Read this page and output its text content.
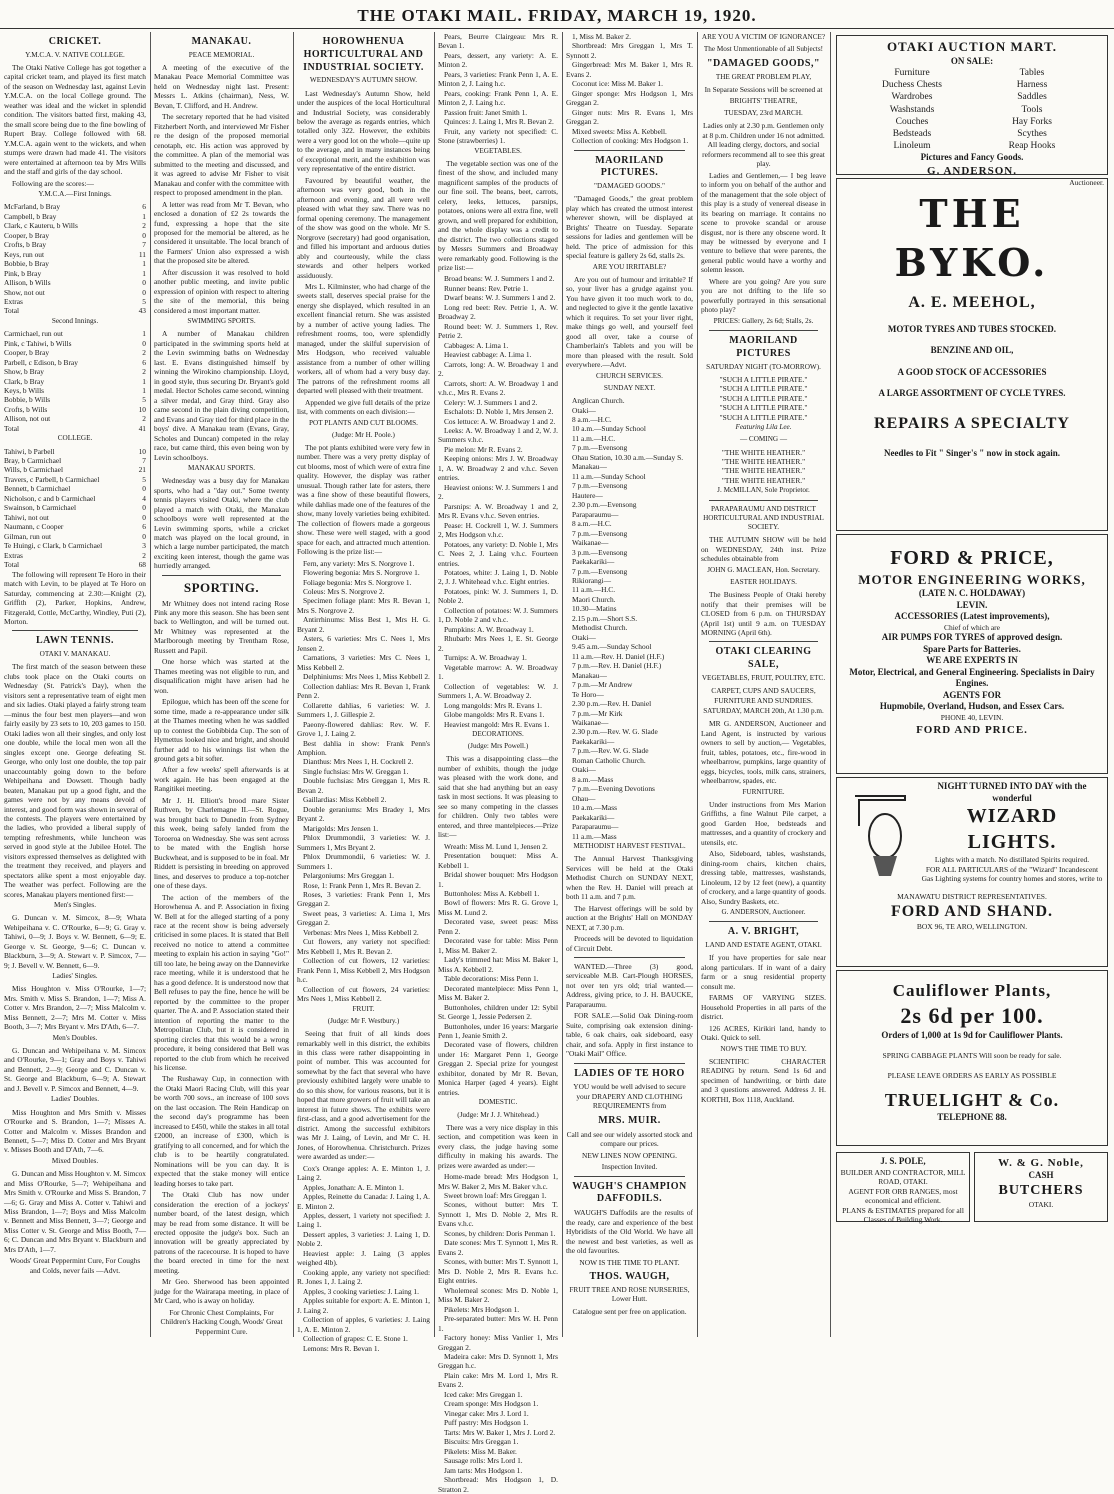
THE OTAKI MAIL. FRIDAY, MARCH 19, 1920.
CRICKET.
Y.M.C.A. V. NATIVE COLLEGE.

The Otaki Native College has got together a capital cricket team, and played its first match of the season on Wednesday last, against Levin Y.M.C.A. on the local College ground. The weather was ideal and the wicket in splendid condition. The visitors batted first, making 43, the small score being due to the fine bowling of Rupert Bray. College followed with 68. Y.M.C.A. again went to the wickets, and when stumps were drawn had made 41. The visitors were entertained at afternoon tea by Mrs Wills and the staff and girls of the day school.

Following are the scores:—

Y.M.C.A.—First Innings.
McFarland, b Bray	6
Campbell, b Bray	1
Clark, c Kauteru, b Wills	2
Cooper, b Bray	0
Crofts, b Bray	7
Keys, run out	11
Bobbie, b Bray	1
Pink, b Bray	1
Allison, b Wills	0
Show, not out	0
Extras	5
Total	43
Second Innings.
Carmichael, run out	1
Pink, c Tahiwi, b Wills	0
Cooper, b Bray	2
Parbell, c Edison, b Bray	6
Show, b Bray	2
Clark, b Bray	1
Keys, b Wills	1
Bobbie, b Wills	5
Crofts, b Wills	10
Allison, not out	2
Total	41
COLLEGE.
Tahiwi, b Parbell	10
Bray, b Carmichael	7
Wills, b Carmichael	21
Travers, c Parbell, b Carmichael	5
Bennett, b Carmichael	0
Nicholson, c and b Carmichael	4
Swainson, b Carmichael	0
Tahiwi, not out	0
Naumann, c Cooper	6
Gilman, run out	0
Te Huingi, c Clark, b Carmichael	3
Extras	2
Total	68

The following will represent Te Horo in their match with Levin, to be played at Te Horo on Saturday, commencing at 2.30:—Knight (2), Griffith (2), Parker, Hopkins, Andrew, Fitzgerald, Cottle, McCarthy, Windley, Puti (2), Morton.

LAWN TENNIS.
OTAKI V. MANAKAU.

The first match of the season between these clubs took place on the Otaki courts on Wednesday (St. Patrick's Day), when the visitors sent a representative team of eight men and six ladies. Otaki played a fairly strong team—minus the four best men players—and won fairly easily by 23 sets to 10, 203 games to 150. Otaki ladies won all their singles, and only lost one double, while the local men won all the singles except one. George defeating St. George, who only lost one double, the top pair unaccountably going down to the before Wehipeihana and Dowsett. Though badly beaten, Manakau put up a good fight, and the games were not by any means devoid of interest, and good form was shown in several of the contests. The players were entertained by the ladies, who provided a liberal supply of tempting refreshments, while luncheon was served in good style at the Jubilee Hotel. The visitors expressed themselves as delighted with the treatment they received, and players and spectators alike spent a most enjoyable day. The weather was perfect. Following are the scores, Manakau players mentioned first:—

Men's Singles.

G. Duncan v. M. Simcox, 8—9; Whata Wehipeihana v. C. O'Rourke, 6—9; G. Gray v. Tahiwi, 0—9; J. Boys v. W. Bennett, 6—9; E. George v. St. George, 9—6; C. Duncan v. Blackburn, 3—9; A. Stewart v. P. Simcox, 7—9; J. Bevell v. W. Bennett, 6—9.

Ladies' Singles.

Miss Houghton v. Miss O'Rourke, 1—7; Mrs. Smith v. Miss S. Brandon, 1—7; Miss A. Cotter v. Mrs Brandon, 2—7; Miss Malcolm v. Miss Bennett, 2—7; Mrs M. Cotter v. Miss Booth, 3—7; Mrs Bryant v. Mrs D'Ath, 6—7.

Men's Doubles.

G. Duncan and Wehipeihana v. M. Simcox and O'Rourke, 9—1; Gray and Boys v. Tahiwi and Bennett, 2—9; George and C. Duncan v. St. George and Blackburn, 6—9; A. Stewart and J. Bevell v. P. Simcox and Bennett, 4—9.

Ladies' Doubles.

Miss Houghton and Mrs Smith v. Misses O'Rourke and S. Brandon, 1—7; Misses A. Cotter and Malcolm v. Misses Brandon and Bennett, 5—7; Miss D. Cotter and Mrs Bryant v. Misses Booth and D'Ath, 7—6.

Mixed Doubles.

G. Duncan and Miss Houghton v. M. Simcox and Miss O'Rourke, 5—7; Wehipeihana and Mrs Smith v. O'Rourke and Miss S. Brandon, 7—6; G. Gray and Miss A. Cotter v. Tahiwi and Miss Brandon, 1—7; Boys and Miss Malcolm v. Bennett and Miss Bennett, 3—7; George and Miss Cotter v. St. George and Miss Booth, 7—6; C. Duncan and Mrs Bryant v. Blackburn and Mrs D'Ath, 1—7.

Woods' Great Peppermint Cure, For Coughs and Colds, never fails —Advt.

MANAKAU.
PEACE MEMORIAL.

A meeting of the executive of the Manakau Peace Memorial Committee was held on Wednesday night last. Present: Messrs L. Atkins (chairman), Ness, W. Bevan, T. Clifford, and H. Andrew.

The secretary reported that he had visited Fitzherbert North, and interviewed Mr Fisher re the design of the proposed memorial cenotaph, etc. His action was approved by the committee. A plan of the memorial was submitted to the meeting and discussed, and it was agreed to advise Mr Fisher to visit Manakau and confer with the committee with respect to proposed amendment in the plan.

A letter was read from Mr T. Bevan, who enclosed a donation of £2 2s towards the fund, expressing a hope that the site proposed for the memorial be altered, as he considered it unsuitable. The local branch of the Farmers' Union also expressed a wish that the proposed site be altered.

After discussion it was resolved to hold another public meeting, and invite public expression of opinion with respect to altering the site of the memorial, this being considered a most important matter.

SWIMMING SPORTS.

A number of Manakau children participated in the swimming sports held at the Levin swimming baths on Wednesday last. E. Evans distinguished himself by winning the Wirokino championship. Lloyd, in good style, thus securing Dr. Bryant's gold medal. Hector Scholes came second, winning a silver medal, and Gray third. Gray also came second in the plain diving competition, and Evans and Gray tied for third place in the boys' dive. A Manakau team (Evans, Gray, Scholes and Duncan) competed in the relay race, but came third, this even being won by Levin schoolboys.

MANAKAU SPORTS.

Wednesday was a busy day for Manakau sports, who had a "day out." Some twenty tennis players visited Otaki, where the club played a match with Otaki, the Manakau schoolboys were well represented at the Levin swimming sports, while a cricket match was played on the local ground, in which a large number participated, the match exciting keen interest, though the game was hurriedly arranged.

SPORTING.

Mr Whitney does not intend racing Rose Pink any more this season. She has been sent back to Wellington, and will be turned out. Mr Whitney was represented at the Marlborough meeting by Trentham Rose, Russett and Papil.

One horse which was started at the Thames meeting was not eligible to run, and disqualification might have arisen had he won.

Epilogue, which has been off the scene for some time, made a re-appearance under silk at the Thames meeting when he was saddled up to contest the Gobibbida Cup. The son of Hymettus looked nice and bright, and should further add to his winnings list when the ground gets a bit softer.

After a few weeks' spell afterwards is at work again. He has been engaged at the Rangitikei meeting.

Mr J. H. Elliott's brood mare Sister Ruthven, by Charlemagne II.—St. Rogue, was brought back to Dunedin from Sydney this week, being safely landed from the Toroeroa on Wednesday. She was sent across to be mated with the English horse Buckwheat, and is supposed to be in foal. Mr Riddett is persisting in breeding on approved lines, and deserves to produce a top-notcher one of these days.

The action of the members of the Horowhenua A. and P. Association in fixing W. Bell at for the alleged starting of a pony race at the recent show is being adversely criticised in some places. It is stated that Bell received no notice to attend a committee meeting to explain his action in saying "Go!" till too late, he being away on the Dannevirke race meeting, while it is understood that he has a good defence. It is understood now that Bell refuses to pay the fine, hence he will be reported by the committee to the proper quarter. The A. and P. Association stated their intention of reporting the matter to the Metropolitan Club, but it is considered in sporting circles that this would be a wrong procedure, it being considered that Bell was reported to the club from which he received his license.

The Rushaway Cup, in connection with the Otaki Maori Racing Club, will this year be worth 700 sovs., an increase of 100 sovs on the last occasion. The Rein Handicap on the second day's programme has been increased to £450, while the stakes in all total £2000, an increase of £300, which is gratifying to all concerned, and for which the club is to be heartily congratulated. Nominations will be you can day. It is expected that the stake money will entice leading horses to take part.

The Otaki Club has now under consideration the erection of a jockeys' number board, of the latest design, which may be read from some distance. It will be erected opposite the judge's box. Such an innovation will be greatly appreciated by patrons of the racecourse. It is hoped to have the board erected in time for the next meeting.

Mr Geo. Sherwood has been appointed judge for the Wairarapa meeting, in place of Mr Card, who is away on holiday.

For Chronic Chest Complaints, For Children's Hacking Cough, Woods' Great Peppermint Cure.

HOROWHENUA HORTICULTURAL AND INDUSTRIAL SOCIETY.
WEDNESDAY'S AUTUMN SHOW.

Last Wednesday's Autumn Show, held under the auspices of the local Horticultural and Industrial Society, was considerably below the average as regards entries, which totalled only 322. However, the exhibits were a very good lot on the whole—quite up to the average, and in many instances being of exceptional merit, and the exhibition was very representative of the entire district.

Favoured by beautiful weather, the afternoon was very good, both in the afternoon and evening, and all were well pleased with what they saw. There was no formal opening ceremony. The management of the show was good on the whole. Mr S. Norgrove (secretary) had good organisation, and filled his important and arduous duties ably and courteously, while the class stewards and other helpers worked assiduously.

Mrs L. Kilminster, who had charge of the sweets stall, deserves special praise for the energy she displayed, which resulted in an excellent financial return. She was assisted by a number of active young ladies. The refreshment rooms, too, were splendidly managed, under the skilful supervision of Mrs Hodgson, who received valuable assistance from a number of other willing workers, all of whom had a very busy day. The patrons of the refreshment rooms all departed well pleased with their treatment.

Appended we give full details of the prize list, with comments on each division:—

POT PLANTS AND CUT BLOOMS.
(Judge: Mr H. Poole.)

The pot plants exhibited were very few in number. There was a very pretty display of cut blooms, most of which were of extra fine quality. However, the display was rather unusual. Though rather late for asters, there was a fine show of these beautiful flowers, while dahlias made one of the features of the show, many lovely varieties being exhibited. The collection of flowers made a gorgeous show. These were well staged, with a good space for each, and attracted much attention. Following is the prize list:—

Fern, any variety: Mrs S. Norgrove 1.
Flowering begonia: Mrs S. Norgrove 1.
Foliage begonia: Mrs S. Norgrove 1.
Coleus: Mrs S. Norgrove 2.
Specimen foliage plant: Mrs R. Bevan 1, Mrs S. Norgrove 2.
Antirrhinums: Miss Best 1, Mrs H. G. Bryant 2.
Asters, 6 varieties: Mrs C. Nees 1, Mrs Jensen 2.
Carnations, 3 varieties: Mrs C. Nees 1, Miss Kebbell 2.
Delphiniums: Mrs Nees 1, Miss Kebbell 2.
Collection dahlias: Mrs R. Bevan 1, Frank Penn 2.
Collarette dahlias, 6 varieties: W. J. Summers 1, J. Gillespie 2.
Paeony-flowered dahlias: Rev. W. F. Grove 1, J. Laing 2.
Best dahlia in show: Frank Penn's Amphion.
Dianthus: Mrs Nees 1, H. Cockrell 2.
Single fuchsias: Mrs W. Greggan 1.
Double fuchsias: Mrs Greggan 1, Mrs R. Bevan 2.
Gaillardias: Miss Kebbell 2.
Double geraniums: Mrs Bradey 1, Mrs Bryant 2.
Marigolds: Mrs Jensen 1.
Phlox Drummondii, 3 varieties: W. J. Summers 1, Mrs Bryant 2.
Phlox Drummondii, 6 varieties: W. J. Summers 1.
Pelargoniums: Mrs Greggan 1.
Rose, 1: Frank Penn 1, Mrs R. Bevan 2.
Roses, 3 varieties: Frank Penn 1, Mrs Greggan 2.
Sweet peas, 3 varieties: A. Lima 1, Mrs Greggan 2.
Verbenas: Mrs Nees 1, Miss Kebbell 2.
Cut flowers, any variety not specified: Mrs Kebbell 1, Mrs R. Bevan 2.
Collection of cut flowers, 12 varieties: Frank Penn 1, Miss Kebbell 2, Mrs Hodgson h.c.
Collection of cut flowers, 24 varieties: Mrs Nees 1, Miss Kebbell 2.
FRUIT.
(Judge: Mr F. Westbury.)

Seeing that fruit of all kinds does remarkably well in this district, the exhibits in this class were rather disappointing in point of number. This was accounted for somewhat by the fact that several who have previously exhibited largely were unable to do so this show, for various reasons, but it is hoped that more growers of fruit will take an interest in future shows. The exhibits were first-class, and a good advertisement for the district. Among the successful exhibitors was Mr J. Laing, of Levin, and Mr C. H. Jones, of Horowhenua. Christchurch. Prizes were awarded as under:—

Cox's Orange apples: A. E. Minton 1, J. Laing 2.
Apples, Jonathan: A. E. Minton 1.
Apples, Reinette du Canada: J. Laing 1, A. E. Minton 2.
Apples, dessert, 1 variety not specified: J. Laing 1.
Dessert apples, 3 varieties: J. Laing 1, D. Noble 2.
Heaviest apple: J. Laing (3 apples weighed 4lb).
Cooking apple, any variety not specified: R. Jones 1, J. Laing 2.
Apples, 3 cooking varieties: J. Laing 1.
Apples suitable for export: A. E. Minton 1, J. Laing 2.
Collection of apples, 6 varieties: J. Laing 1, A. E. Minton 2.
Collection of grapes: C. E. Stone 1.
Lemons: Mrs R. Bevan 1.
Pears, Beurre Clairgeau: Mrs R. Bevan 1.
Pears, dessert, any variety: A. E. Minton 2.
Pears, 3 varieties: Frank Penn 1, A. E. Minton 2, J. Laing h.c.
Pears, cooking: Frank Penn 1, A. E. Minton 2, J. Laing h.c.
Passion fruit: Janet Smith 1.
Quinces: J. Laing 1, Mrs R. Bevan 2.
Fruit, any variety not specified: C. Stone (strawberries) 1.
VEGETABLES.

The vegetable section was one of the finest of the show, and included many magnificent samples of the products of our fine soil. The beans, beet, carrots, celery, leeks, lettuces, parsnips, potatoes, onions were all extra fine, well grown, and well prepared for exhibition, and the whole display was a credit to the district. The two collections staged by Messrs Summers and Broadway were remarkably good. Following is the prize list:—

Broad beans: W. J. Summers 1 and 2.
Runner beans: Rev. Petrie 1.
Dwarf beans: W. J. Summers 1 and 2.
Long red beet: Rev. Petrie 1, A. W. Broadway 2.
Round beet: W. J. Summers 1, Rev. Petrie 2.
Cabbages: A. Lima 1.
Heaviest cabbage: A. Lima 1.
Carrots, long: A. W. Broadway 1 and 2.
Carrots, short: A. W. Broadway 1 and v.h.c., Mrs R. Evans 2.
Celery: W. J. Summers 1 and 2.
Eschalots: D. Noble 1, Mrs Jensen 2.
Cos lettuce: A. W. Broadway 1 and 2.
Leeks: A. W. Broadway 1 and 2, W. J. Summers v.h.c.
Pie melon: Mr R. Evans 2.
Keeping onions: Mrs J. W. Broadway 1, A. W. Broadway 2 and v.h.c. Seven entries.
Heaviest onions: W. J. Summers 1 and 2.
Parsnips: A. W. Broadway 1 and 2, Mrs R. Evans v.h.c. Seven entries.
Pease: H. Cockrell 1, W. J. Summers 2, Mrs Hodgson v.h.c.
Potatoes, any variety: D. Noble 1, Mrs C. Nees 2, J. Laing v.h.c. Fourteen entries.
Potatoes, white: J. Laing 1, D. Noble 2, J. J. Whitehead v.h.c. Eight entries.
Potatoes, pink: W. J. Summers 1, D. Noble 2.
Collection of potatoes: W. J. Summers 1, D. Noble 2 and v.h.c.
Pumpkins: A. W. Broadway 1.
Rhubarb: Mrs Nees 1, E. St. George 2.
Turnips: A. W. Broadway 1.
Vegetable marrow: A. W. Broadway 1.
Collection of vegetables: W. J. Summers 1, A. W. Broadway 2.
Long mangolds: Mrs R. Evans 1.
Globe mangolds: Mrs R. Evans 1.
Heaviest mangold: Mrs R. Evans 1.
DECORATIONS.
(Judge: Mrs Powell.)

This was a disappointing class—the number of exhibits, though the judge was pleased with the work done, and said that she had anything but an easy task in most sections. It was pleasing to see so many competing in the classes for children. Only two tables were entered, and three mantelpieces.—Prize list:—

Wreath: Miss M. Lund 1, Jensen 2.
Presentation bouquet: Miss A. Kebbell 1.
Bridal shower bouquet: Mrs Hodgson 1.
Buttonholes: Miss A. Kebbell 1.
Bowl of flowers: Mrs R. G. Grove 1, Miss M. Lund 2.
Decorated vase, sweet peas: Miss Penn 2.
Decorated vase for table: Miss Penn 1, Miss M. Baker 2.
Lady's trimmed hat: Miss M. Baker 1, Miss A. Kebbell 2.
Table decorations: Miss Penn 1.
Decorated mantelpiece: Miss Penn 1, Miss M. Baker 2.
Buttonholes, children under 12: Sybil St. George 1, Jessie Pedersen 2.
Buttonholes, under 16 years: Margarie Penn 1, Jeanie Smith 2.
Decorated vase of flowers, children under 16: Margaret Penn 1, George Greggan 2. Special prize for youngest exhibitor, donated by Mr R. Bevan, Monica Harper (aged 4 years). Eight entries.
DOMESTIC.
(Judge: Mr J. J. Whitehead.)

There was a very nice display in this section, and competition was keen in every class, the judge having some difficulty in making his awards. The prizes were awarded as under:—

Home-made bread: Mrs Hodgson 1, Mrs W. Baker 2, Mrs M. Baker v.h.c.
Sweet brown loaf: Mrs Greggan 1.
Scones, without butter: Mrs T. Synnott 1, Mrs D. Noble 2, Mrs R. Evans v.h.c.
Scones, by children: Doris Penman 1.
Date scones: Mrs T. Synnott 1, Mrs R. Evans 2.
Scones, with butter: Mrs T. Synnott 1, Mrs D. Noble 2, Mrs R. Evans h.c. Eight entries.
Wholemeal scones: Mrs D. Noble 1, Miss M. Baker 2.
Pikelets: Mrs Hodgson 1.
Pre-separated butter: Mrs W. H. Penn 1.
Factory honey: Miss Vanlier 1, Mrs Greggan 2.
Madeira cake: Mrs D. Synnott 1, Mrs Greggan h.c.
Plain cake: Mrs M. Lord 1, Mrs R. Evans 2.
Iced cake: Mrs Greggan 1.
Cream sponge: Mrs Hodgson 1.
Vinegar cake: Mrs J. Lord 1.
Puff pastry: Mrs Hodgson 1.
Tarts: Mrs W. Baker 1, Mrs J. Lord 2.
Biscuits: Mrs Greggan 1.
Pikelets: Miss M. Baker.
Sausage rolls: Mrs Lord 1.
Jam tarts: Mrs Hodgson 1.
Shortbread: Mrs Hodgson 1, D. Stratton 2.
1, Miss M. Baker 2.
Shortbread: Mrs Greggan 1, Mrs T. Synnott 2.
Gingerbread: Mrs M. Baker 1, Mrs R. Evans 2.
Coconut ice: Miss M. Baker 1.
Ginger sponge: Mrs Hodgson 1, Mrs Greggan 2.
Ginger nuts: Mrs R. Evans 1, Mrs Greggan 2.
Mixed sweets: Miss A. Kebbell.
Collection of cooking: Mrs Hodgson 1.
MAORILAND PICTURES.
"DAMAGED GOODS."

"Damaged Goods," the great problem play which has created the utmost interest wherever shown, will be displayed at Brights' Theatre on Tuesday. Separate sessions for ladies and gentlemen will be held. The price of admission for this special feature is gallery 2s 6d, stalls 2s.

ARE YOU IRRITABLE?

Are you out of humour and irritable? If so, your liver has a grudge against you. You have given it too much work to do, and neglected to give it the gentle laxative which it requires. To set your liver right, make things go well, and yourself feel good all over, take a course of Chamberlain's Tablets and you will be more than pleased with the result. Sold everywhere.—Advt.

CHURCH SERVICES.
SUNDAY NEXT.
Anglican Church.
Otaki—
8 a.m.—H.C.
10 a.m.—Sunday School
11 a.m.—H.C.
7 p.m.—Evensong
Ohau Station, 10.30 a.m.—Sunday S.
Manakau—
11 a.m.—Sunday School
7 p.m.—Evensong
Hautere—
2.30 p.m.—Evensong
Paraparaumu—
8 a.m.—H.C.
7 p.m.—Evensong
Waikanae—
3 p.m.—Evensong
Paekakariki—
7 p.m.—Evensong
Rikiorangi—
11 a.m.—H.C.
Maori Church.
10.30—Matins
2.15 p.m.—Short S.S.
Methodist Church.
Otaki—
9.45 a.m.—Sunday School
11 a.m.—Rev. H. Daniel (H.F.)
7 p.m.—Rev. H. Daniel (H.F.)
Manakau—
7 p.m.—Mr Andrew
Te Horo—
2.30 p.m.—Rev. H. Daniel
7 p.m.—Mr Kirk
Waikanae—
2.30 p.m.—Rev. W. G. Slade
Paekakariki—
7 p.m.—Rev. W. G. Slade
Roman Catholic Church.
Otaki—
8 a.m.—Mass
7 p.m.—Evening Devotions
Ohau—
10 a.m.—Mass
Paekakariki—
Paraparaumu—
11 a.m.—Mass
METHODIST HARVEST FESTIVAL.

The Annual Harvest Thanksgiving Services will be held at the Otaki Methodist Church on SUNDAY NEXT, when the Rev. H. Daniel will preach at both 11 a.m. and 7 p.m.

The Harvest offerings will be sold by auction at the Brights' Hall on MONDAY NEXT, at 7.30 p.m.

Proceeds will be devoted to liquidation of Circuit Debt.

WANTED.—Three (3) good, serviceable M.B. Cart-Plough HORSES, not over ten yrs old; trial wanted.—Address, giving price, to J. H. BAUCKE, Paraparaumu.

FOR SALE.—Solid Oak Dining-room Suite, comprising oak extension dining-table, 6 oak chairs, oak sideboard, easy chair, and sofa. Apply in first instance to "Otaki Mail" Office.

LADIES OF TE HORO

YOU would be well advised to secure your DRAPERY AND CLOTHING REQUIREMENTS from

MRS. MUIR.

Call and see our widely assorted stock and compare our prices.

NEW LINES NOW OPENING.

Inspection Invited.

WAUGH'S CHAMPION DAFFODILS.

WAUGH'S Daffodils are the results of the ready, care and experience of the best Hybridists of the Old World. We have all the newest and best varieties, as well as the old favourites.

NOW IS THE TIME TO PLANT.

THOS. WAUGH,
FRUIT TREE AND ROSE NURSERIES, Lower Hutt.

Catalogue sent per free on application.

ARE YOU A VICTIM OF IGNORANCE?
The Most Unmentionable of all Subjects!
"DAMAGED GOODS,"
THE GREAT PROBLEM PLAY,

In Separate Sessions will be screened at

BRIGHTS' THEATRE,
TUESDAY, 23rd MARCH.

Ladies only at 2.30 p.m. Gentlemen only at 8 p.m. Children under 16 not admitted. All leading clergy, doctors, and social reformers recommend all to see this great play.

Ladies and Gentlemen,— I beg leave to inform you on behalf of the author and of the management that the sole object of this play is a study of venereal disease in its bearing on marriage. It contains no scene to provoke scandal or arouse disgust, nor is there any obscene word. It may be witnessed by everyone and I venture to believe that were parents, the general public would have a worthy and solemn lesson.

Where are you going? Are you sure you are not drifting to the life so powerfully portrayed in this sensational photo play?

PRICES: Gallery, 2s 6d; Stalls, 2s.
MAORILAND PICTURES
SATURDAY NIGHT (TO-MORROW).
"SUCH A LITTLE PIRATE."
"SUCH A LITTLE PIRATE."
"SUCH A LITTLE PIRATE."
"SUCH A LITTLE PIRATE."
"SUCH A LITTLE PIRATE."
Featuring Lila Lee.
— COMING —
"THE WHITE HEATHER."
"THE WHITE HEATHER."
"THE WHITE HEATHER."
"THE WHITE HEATHER."
J. McMILLAN, Sole Proprietor.
PARAPARAUMU AND DISTRICT HORTICULTURAL AND INDUSTRIAL SOCIETY.

THE AUTUMN SHOW will be held on WEDNESDAY, 24th inst. Prize schedules obtainable from

JOHN G. MACLEAN, Hon. Secretary.
EASTER HOLIDAYS.

The Business People of Otaki hereby notify that their premises will be CLOSED from 6 p.m. on THURSDAY (April 1st) until 9 a.m. on TUESDAY MORNING (April 6th).

OTAKI CLEARING SALE,
VEGETABLES, FRUIT, POULTRY, ETC.

CARPET, CUPS AND SAUCERS, FURNITURE AND SUNDRIES.

SATURDAY, MARCH 20th, At 1.30 p.m.

MR G. ANDERSON, Auctioneer and Land Agent, is instructed by various owners to sell by auction,— Vegetables, fruit, tables, potatoes, etc., fire-wood in wheelbarrow, pumpkins, large quantity of eggs, bicycles, tools, milk cans, strainers, wheelbarrow, spades, etc.

FURNITURE.

Under instructions from Mrs Marion Griffiths, a fine Walnut Pile carpet, a good Garden Hoe, bedsteads and mattresses, and a quantity of crockery and utensils, etc.

Also, Sideboard, tables, washstands, dining-room chairs, kitchen chairs, dressing table, mattresses, washstands, Linoleum, 12 by 12 feet (new), a quantity of crockery, and a large quantity of goods. Also, Sundry Baskets, etc.

G. ANDERSON, Auctioneer.
A. V. BRIGHT,
LAND AND ESTATE AGENT, OTAKI.

If you have properties for sale near along particulars. If in want of a dairy farm or a snug residential property consult me.

FARMS OF VARYING SIZES. Household Properties in all parts of the district.

126 ACRES, Kirikiri land, handy to Otaki. Quick to sell.

NOW'S THE TIME TO BUY.

SCIENTIFIC CHARACTER READING by return. Send 1s 6d and specimen of handwriting, or birth date and 3 questions answered. Address J. H. KORTHI, Box 1118, Auckland.

OTAKI AUCTION MART.
ON SALE:
Furniture
Duchess Chests
Wardrobes
Washstands
Couches
Bedsteads
Linoleum
Tables
Harness
Saddles
Tools
Hay Forks
Scythes
Reap Hooks
Pictures and Fancy Goods.
G. ANDERSON.
Auctioneer.
THE BYKO.
A. E. MEEHOL,
MOTOR TYRES AND TUBES STOCKED.
BENZINE AND OIL,
A GOOD STOCK OF ACCESSORIES
A LARGE ASSORTMENT OF CYCLE TYRES.
REPAIRS A SPECIALTY
Needles to Fit " Singer's " now in stock again.
FORD & PRICE,
MOTOR ENGINEERING WORKS,
(LATE N. C. HOLDAWAY)
LEVIN.
ACCESSORIES (Latest improvements),
Chief of which are
AIR PUMPS FOR TYRES of approved design.
Spare Parts for Batteries.
WE ARE EXPERTS IN
Motor, Electrical, and General Engineering. Specialists in Dairy Engines.
AGENTS FOR
Hupmobile, Overland, Hudson, and Essex Cars.
PHONE 40, LEVIN.
FORD AND PRICE.
NIGHT TURNED INTO DAY with the wonderful
WIZARD LIGHTS.
Lights with a match. No distillated Spirits required.
FOR ALL PARTICULARS of the "Wizard" Incandescent Gas Lighting systems for country homes and stores, write to
MANAWATU DISTRICT REPRESENTATIVES.
FORD AND SHAND.
BOX 96, TE ARO, WELLINGTON.
Cauliflower Plants,
2s 6d per 100.
Orders of 1,000 at 1s 9d for Cauliflower Plants.
SPRING CABBAGE PLANTS Will soon be ready for sale.
PLEASE LEAVE ORDERS AS EARLY AS POSSIBLE
TRUELIGHT & Co.
TELEPHONE 88.
J. S. POLE,
BUILDER AND CONTRACTOR, MILL ROAD, OTAKI.
AGENT FOR ORB RANGES, most economical and efficient.
PLANS & ESTIMATES prepared for all Classes of Building Work.
W. & G. Noble,
CASH
BUTCHERS
OTAKI.
